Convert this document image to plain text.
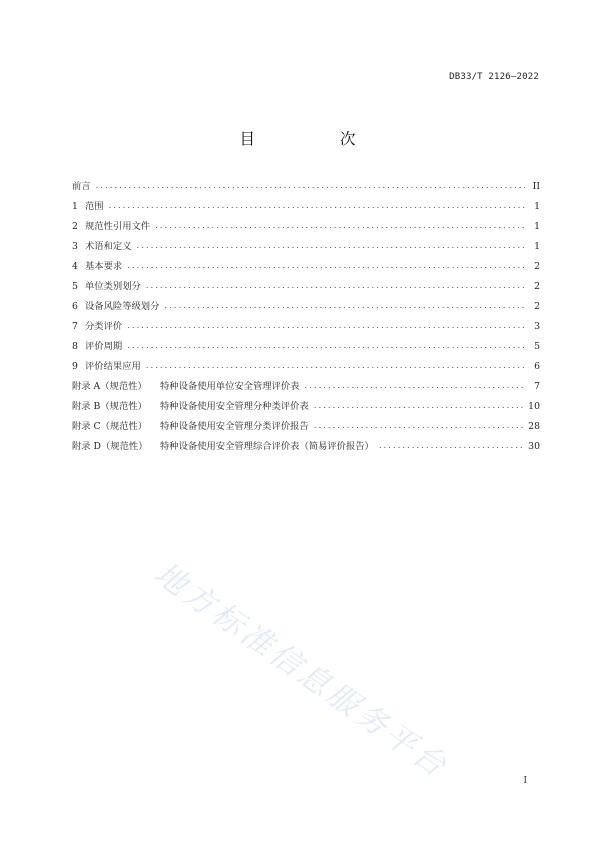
DB33/T 2126—2022
目 次
前言 .....	II
1 范围 .....	1
2 规范性引用文件 .....	1
3 术语和定义 .....	1
4 基本要求 .....	2
5 单位类别划分 .....	2
6 设备风险等级划分 .....	2
7 分类评价 .....	3
8 评价周期 .....	5
9 评价结果应用 .....	6
附录 A（规范性）	特种设备使用单位安全管理评价表 .....	7
附录 B（规范性）	特种设备使用安全管理分种类评价表 .....	10
附录 C（规范性）	特种设备使用安全管理分类评价报告 .....	28
附录 D（规范性）	特种设备使用安全管理综合评价表（简易评价报告） .....	30
地方标准信息服务平台	I
